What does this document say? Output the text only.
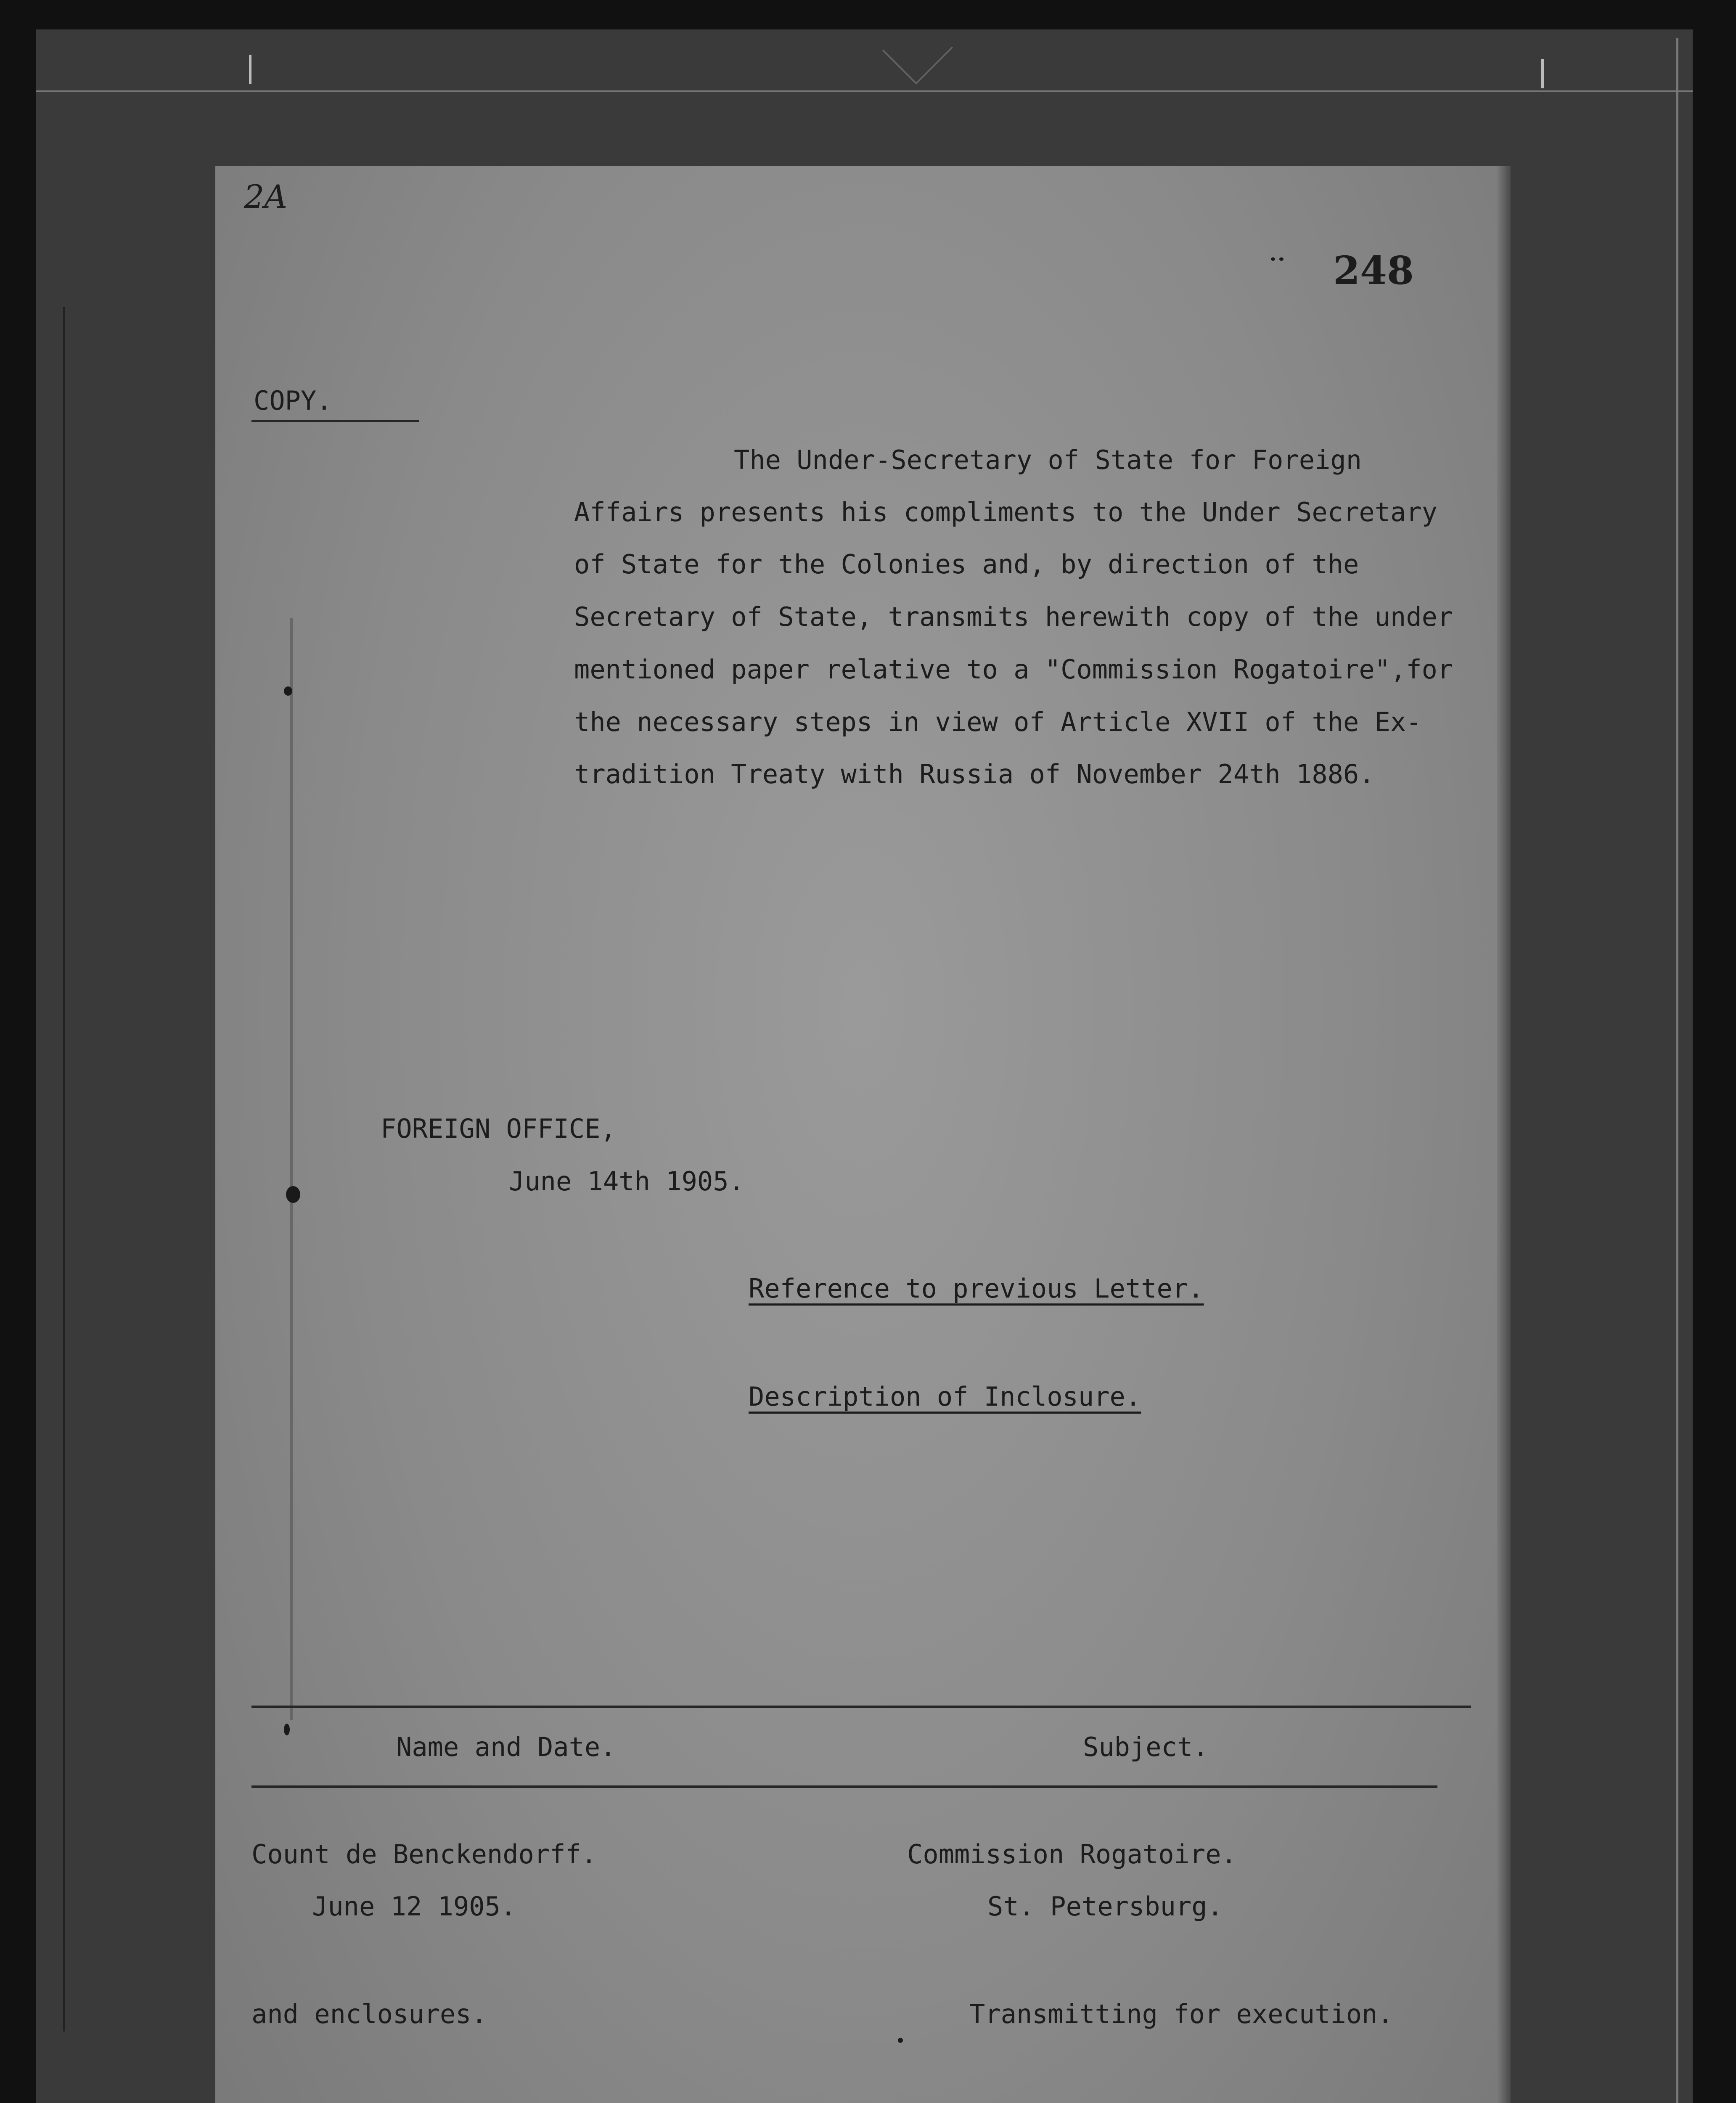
2A
248
COPY.
The Under-Secretary of State for Foreign
Affairs presents his compliments to the Under Secretary
of State for the Colonies and, by direction of the
Secretary of State, transmits herewith copy of the under
mentioned paper relative to a "Commission Rogatoire",for
the necessary steps in view of Article XVII of the Ex-
tradition Treaty with Russia of November 24th 1886.
FOREIGN OFFICE,
June 14th 1905.
Reference to previous Letter.
Description of Inclosure.
Name and Date.	Subject.
Count de Benckendorff.
June 12 1905.
Commission Rogatoire.
St. Petersburg.
and enclosures.	Transmitting for execution.
